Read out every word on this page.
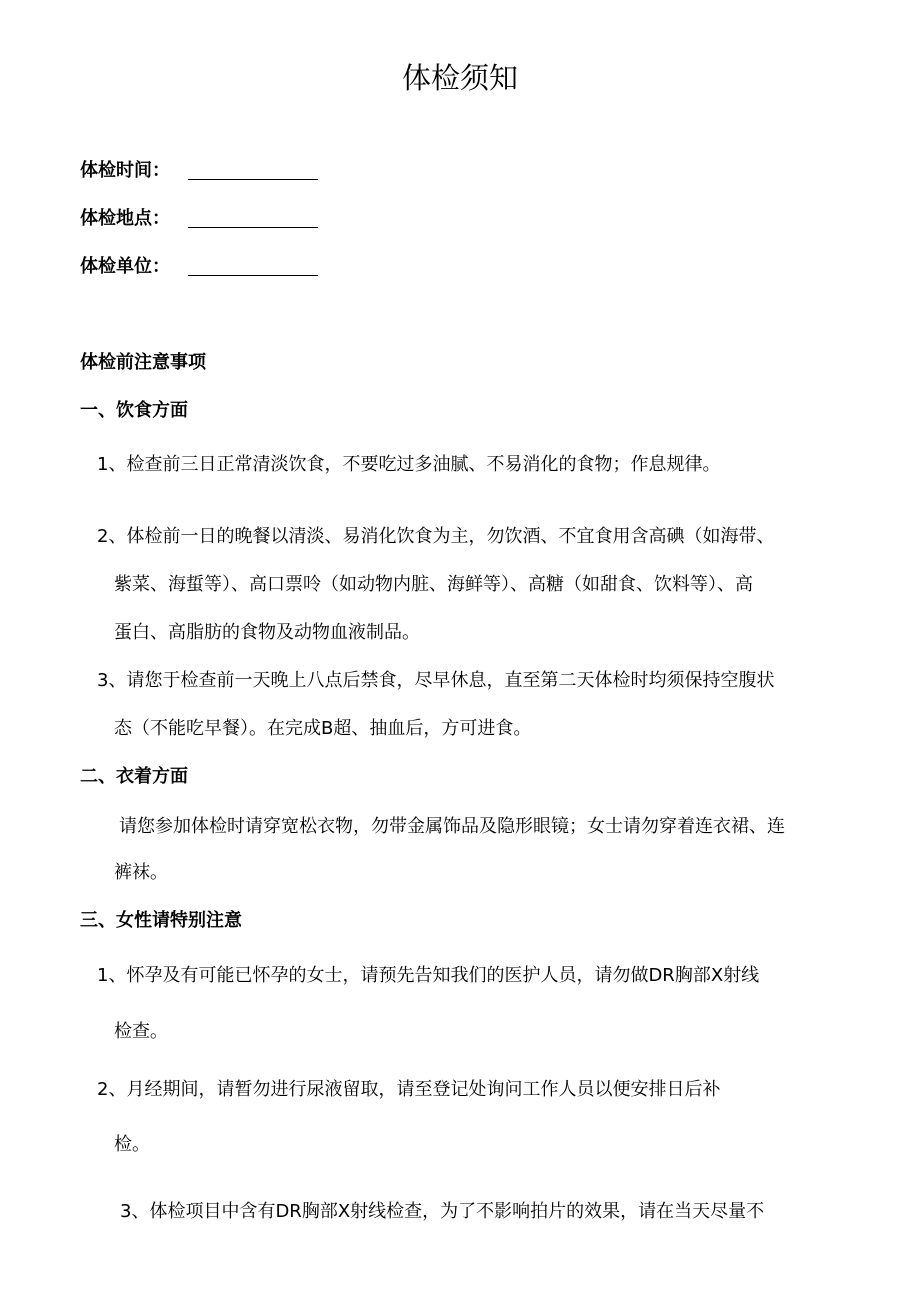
体检须知
体检时间：
体检地点：
体检单位：
体检前注意事项
一、饮食方面
1、检查前三日正常清淡饮食，不要吃过多油腻、不易消化的食物；作息规律。
2、体检前一日的晚餐以清淡、易消化饮食为主，勿饮酒、不宜食用含高碘（如海带、
紫菜、海蜇等）、高口票呤（如动物内脏、海鲜等）、高糖（如甜食、饮料等）、高
蛋白、高脂肪的食物及动物血液制品。
3、请您于检查前一天晚上八点后禁食，尽早休息，直至第二天体检时均须保持空腹状
态（不能吃早餐）。在完成B超、抽血后，方可进食。
二、衣着方面
请您参加体检时请穿宽松衣物，勿带金属饰品及隐形眼镜；女士请勿穿着连衣裙、连
裤袜。
三、女性请特别注意
1、怀孕及有可能已怀孕的女士，请预先告知我们的医护人员，请勿做DR胸部X射线
检查。
2、月经期间，请暂勿进行尿液留取，请至登记处询问工作人员以便安排日后补
检。
3、体检项目中含有DR胸部X射线检查，为了不影响拍片的效果，请在当天尽量不
